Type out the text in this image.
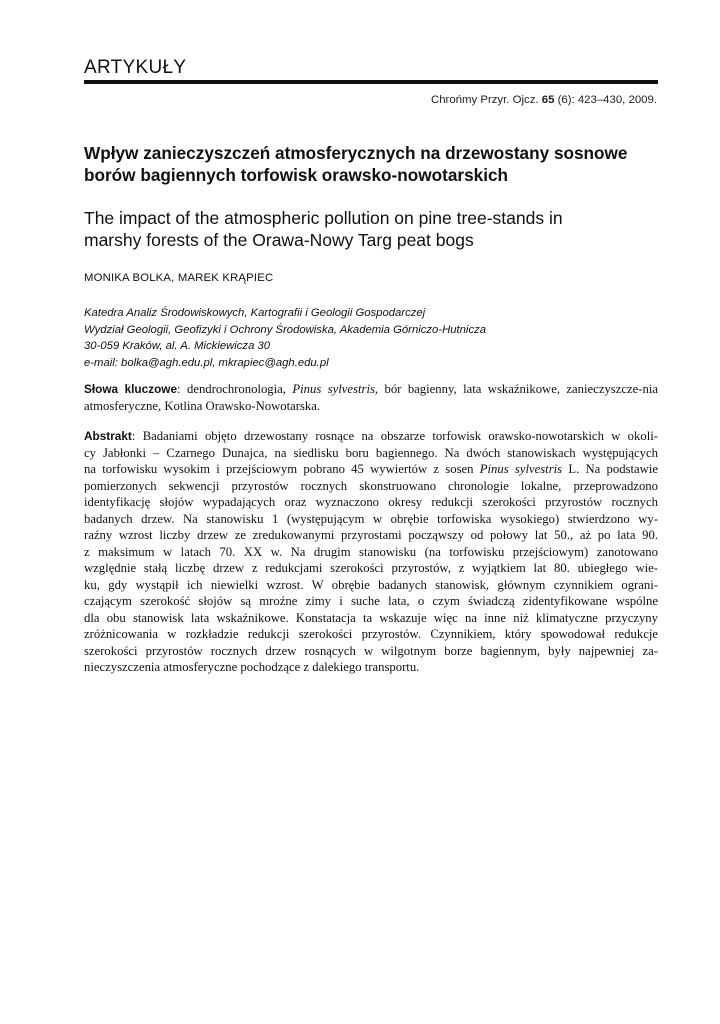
ARTYKUŁY
Chrońmy Przyr. Ojcz. 65 (6): 423–430, 2009.
Wpływ zanieczyszczeń atmosferycznych na drzewostany sosnowe
borów bagiennych torfowisk orawsko-nowotarskich
The impact of the atmospheric pollution on pine tree-stands in
marshy forests of the Orawa-Nowy Targ peat bogs
MONIKA BOLKA, MAREK KRĄPIEC
Katedra Analiz Środowiskowych, Kartografii i Geologii Gospodarczej
Wydział Geologii, Geofizyki i Ochrony Środowiska, Akademia Górniczo-Hutnicza
30-059 Kraków, al. A. Mickiewicza 30
e-mail: bolka@agh.edu.pl, mkrapiec@agh.edu.pl
Słowa kluczowe: dendrochronologia, Pinus sylvestris, bór bagienny, lata wskaźnikowe, zanieczyszcze-nia atmosferyczne, Kotlina Orawsko-Nowotarska.
Abstrakt: Badaniami objęto drzewostany rosnące na obszarze torfowisk orawsko-nowotarskich w okoli-
cy Jabłonki – Czarnego Dunajca, na siedlisku boru bagiennego. Na dwóch stanowiskach występujących
na torfowisku wysokim i przejściowym pobrano 45 wywiertów z sosen Pinus sylvestris L. Na podstawie
pomierzonych sekwencji przyrostów rocznych skonstruowano chronologie lokalne, przeprowadzono
identyfikację słojów wypadających oraz wyznaczono okresy redukcji szerokości przyrostów rocznych
badanych drzew. Na stanowisku 1 (występującym w obrębie torfowiska wysokiego) stwierdzono wy-
raźny wzrost liczby drzew ze zredukowanymi przyrostami począwszy od połowy lat 50., aż po lata 90.
z maksimum w latach 70. XX w. Na drugim stanowisku (na torfowisku przejściowym) zanotowano
względnie stałą liczbę drzew z redukcjami szerokości przyrostów, z wyjątkiem lat 80. ubiegłego wie-
ku, gdy wystąpił ich niewielki wzrost. W obrębie badanych stanowisk, głównym czynnikiem ograni-
czającym szerokość słojów są mroźne zimy i suche lata, o czym świadczą zidentyfikowane wspólne
dla obu stanowisk lata wskaźnikowe. Konstatacja ta wskazuje więc na inne niż klimatyczne przyczyny
zróżnicowania w rozkładzie redukcji szerokości przyrostów. Czynnikiem, który spowodował redukcje
szerokości przyrostów rocznych drzew rosnących w wilgotnym borze bagiennym, były najpewniej za-
nieczyszczenia atmosferyczne pochodzące z dalekiego transportu.
